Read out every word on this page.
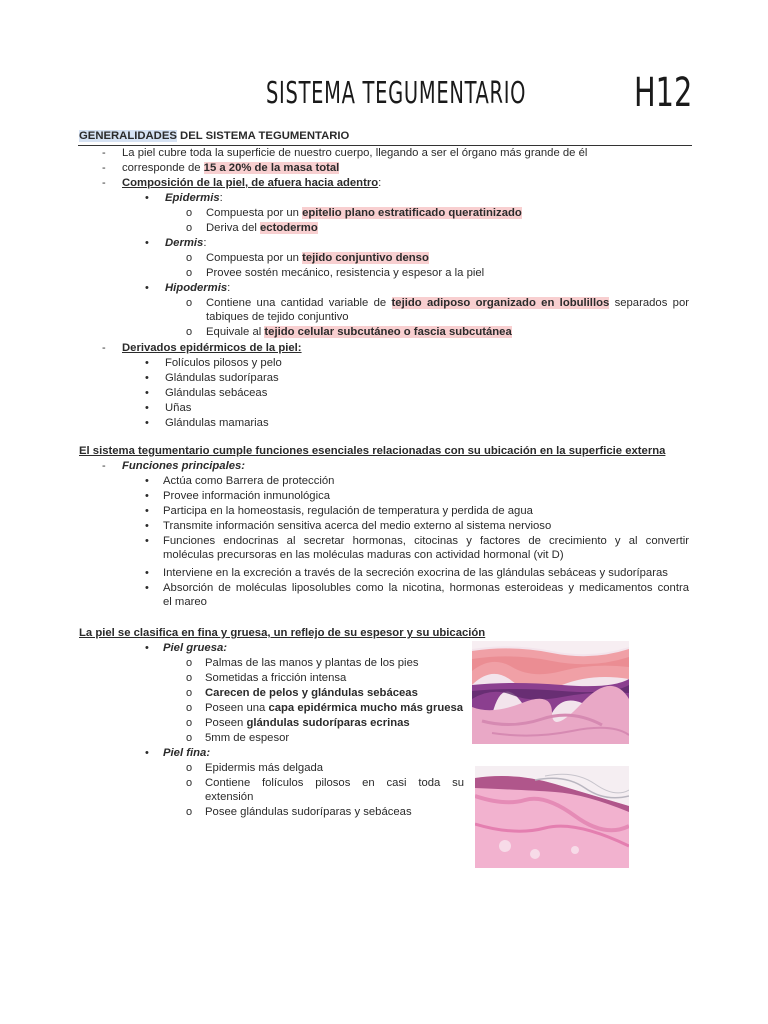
SISTEMA TEGUMENTARIO	H12
GENERALIDADES DEL SISTEMA TEGUMENTARIO
- La piel cubre toda la superficie de nuestro cuerpo, llegando a ser el órgano más grande de él
- corresponde de 15 a 20% de la masa total
- Composición de la piel, de afuera hacia adentro:
• Epidermis:
o Compuesta por un epitelio plano estratificado queratinizado
o Deriva del ectodermo
• Dermis:
o Compuesta por un tejido conjuntivo denso
o Provee sostén mecánico, resistencia y espesor a la piel
• Hipodermis:
o Contiene una cantidad variable de tejido adiposo organizado en lobulillos separados por
tabiques de tejido conjuntivo
o Equivale al tejido celular subcutáneo o fascia subcutánea
- Derivados epidérmicos de la piel:
• Folículos pilosos y pelo
• Glándulas sudoríparas
• Glándulas sebáceas
• Uñas
• Glándulas mamarias
El sistema tegumentario cumple funciones esenciales relacionadas con su ubicación en la superficie externa
- Funciones principales:
• Actúa como Barrera de protección
• Provee información inmunológica
• Participa en la homeostasis, regulación de temperatura y perdida de agua
• Transmite información sensitiva acerca del medio externo al sistema nervioso
• Funciones endocrinas al secretar hormonas, citocinas y factores de crecimiento y al convertir
moléculas precursoras en las moléculas maduras con actividad hormonal (vit D)
• Interviene en la excreción a través de la secreción exocrina de las glándulas sebáceas y sudoríparas
• Absorción de moléculas liposolubles como la nicotina, hormonas esteroideas y medicamentos contra
el mareo
La piel se clasifica en fina y gruesa, un reflejo de su espesor y su ubicación
• Piel gruesa:
o Palmas de las manos y plantas de los pies
o Sometidas a fricción intensa
o Carecen de pelos y glándulas sebáceas
o Poseen una capa epidérmica mucho más gruesa
o Poseen glándulas sudoríparas ecrinas
o 5mm de espesor
• Piel fina:
o Epidermis más delgada
o Contiene folículos pilosos en casi toda su
extensión
o Posee glándulas sudoríparas y sebáceas
